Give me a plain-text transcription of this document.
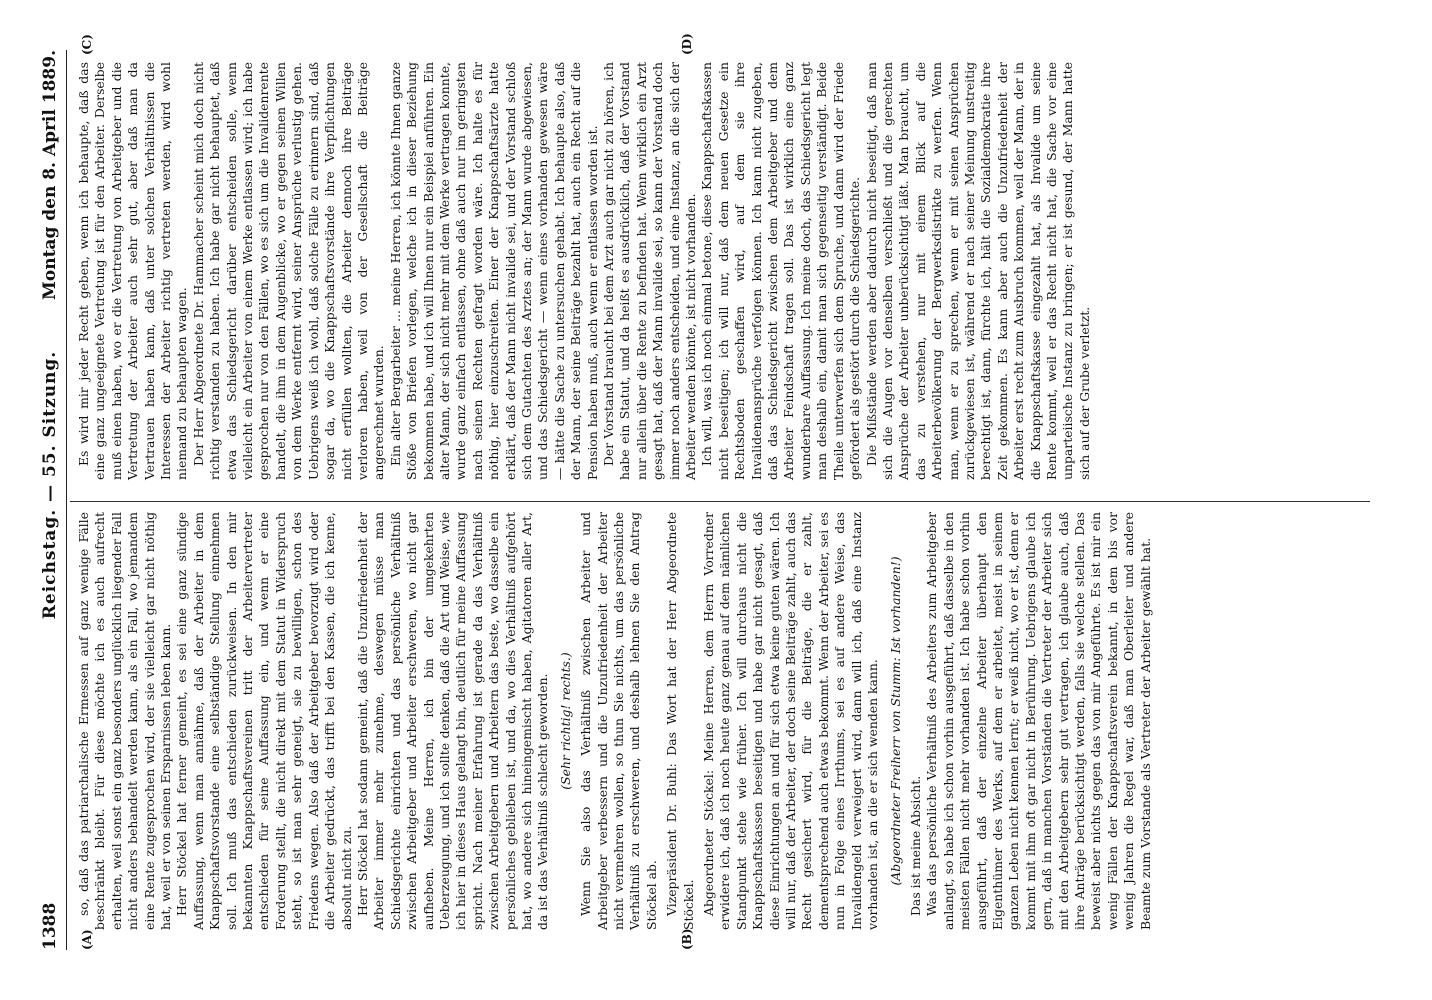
1388
Reichstag. — 55. Sitzung.
Montag den 8. April 1889.
(A)	(B)
(C)	(D)

so, daß das patriarchalische Ermessen auf ganz wenige Fälle beschränkt bleibt. Für diese möchte ich es auch aufrecht erhalten, weil sonst ein ganz besonders unglücklich liegender Fall nicht anders behandelt werden kann, als ein Fall, wo jemandem eine Rente zugesprochen wird, der sie vielleicht gar nicht nöthig hat, weil er von seinen Ersparnissen leben kann. Herr Stöckel hat ferner gemeint, es sei eine ganz sündige Auffassung, wenn man annähme, daß der Arbeiter in dem Knappschaftsvorstande eine selbständige Stellung einnehmen soll. Ich muß das entschieden zurückweisen. In den mir bekannten Knappschaftsvereinen tritt der Arbeitervertreter entschieden für seine Auffassung ein, und wenn er eine Forderung stellt, die nicht direkt mit dem Statut in Widerspruch steht, so ist man sehr geneigt, sie zu bewilligen, schon des Friedens wegen. Also daß der Arbeitgeber bevorzugt wird oder die Arbeiter gedrückt, das trifft bei den Kassen, die ich kenne, absolut nicht zu. Herr Stöckel hat sodann gemeint, daß die Unzufriedenheit der Arbeiter immer mehr zunehme, deswegen müsse man Schiedsgerichte einrichten und das persönliche Verhältniß zwischen Arbeitgeber und Arbeiter erschweren, wo nicht gar aufheben. Meine Herren, ich bin der umgekehrten Ueberzeugung, und ich sollte denken, daß die Art und Weise, wie ich hier in dieses Haus gelangt bin, deutlich für meine Auffassung spricht. Nach meiner Erfahrung ist gerade da das Verhältniß zwischen Arbeitgebern und Arbeitern das beste, wo dasselbe ein persönliches geblieben ist, und da, wo dies Verhältniß aufgehört hat, wo andere sich hineingemischt haben, Agitatoren aller Art, da ist das Verhältniß schlecht geworden. (Sehr richtig! rechts.) Wenn Sie also das Verhältniß zwischen Arbeiter und Arbeitgeber verbessern und die Unzufriedenheit der Arbeiter nicht vermehren wollen, so thun Sie nichts, um das persönliche Verhältniß zu erschweren, und deshalb lehnen Sie den Antrag Stöckel ab. Vizepräsident Dr. Buhl: Das Wort hat der Herr Abgeordnete Stöckel. Abgeordneter Stöckel: Meine Herren, dem Herrn Vorredner erwidere ich, daß ich noch heute ganz genau auf dem nämlichen Standpunkt stehe wie früher. Ich will durchaus nicht die Knappschaftskassen beseitigen und habe gar nicht gesagt, daß diese Einrichtungen an und für sich etwa keine guten wären. Ich will nur, daß der Arbeiter, der doch seine Beiträge zahlt, auch das Recht gesichert wird, für die Beiträge, die er zahlt, dementsprechend auch etwas bekommt. Wenn der Arbeiter, sei es nun in Folge eines Irrthums, sei es auf andere Weise, das Invalidengeld verweigert wird, dann will ich, daß eine Instanz vorhanden ist, an die er sich wenden kann. (Abgeordneter Freiherr von Stumm: Ist vorhanden!) Das ist meine Absicht. Was das persönliche Verhältniß des Arbeiters zum Arbeitgeber anlangt, so habe ich schon vorhin ausgeführt, daß dasselbe in den meisten Fällen nicht mehr vorhanden ist. Ich habe schon vorhin ausgeführt, daß der einzelne Arbeiter überhaupt den Eigenthümer des Werks, auf dem er arbeitet, meist in seinem ganzen Leben nicht kennen lernt; er weiß nicht, wo er ist, denn er kommt mit ihm oft gar nicht in Berührung. Uebrigens glaube ich gern, daß in manchen Vorständen die Vertreter der Arbeiter sich mit den Arbeitgebern sehr gut vertragen, ich glaube auch, daß ihre Anträge berücksichtigt werden, falls sie welche stellen. Das beweist aber nichts gegen das von mir Angeführte. Es ist mir ein wenig Fällen der Knappschaftsverein bekannt, in dem bis vor wenig Jahren die Regel war, daß man Oberleiter und andere Beamte zum Vorstande als Vertreter der Arbeiter gewählt hat.

Es wird mir jeder Recht geben, wenn ich behaupte, daß das eine ganz ungeeignete Vertretung ist für den Arbeiter. Derselbe muß einen haben, wo er die Vertretung von Arbeitgeber und die Vertretung der Arbeiter auch sehr gut, aber daß man da Vertrauen haben kann, daß unter solchen Verhältnissen die Interessen der Arbeiter richtig vertreten werden, wird wohl niemand zu behaupten wagen. Der Herr Abgeordnete Dr. Hammacher scheint mich doch nicht richtig verstanden zu haben. Ich habe gar nicht behauptet, daß etwa das Schiedsgericht darüber entscheiden solle, wenn vielleicht ein Arbeiter von einem Werke entlassen wird; ich habe gesprochen nur von den Fällen, wo es sich um die Invalidenrente handelt, die ihm in dem Augenblicke, wo er gegen seinen Willen von dem Werke entfernt wird, seiner Ansprüche verlustig gehen. Uebrigens weiß ich wohl, daß solche Fälle zu erinnern sind, daß sogar da, wo die Knappschaftsvorstände ihre Verpflichtungen nicht erfüllen wollten, die Arbeiter dennoch ihre Beiträge verloren haben, weil von der Gesellschaft die Beiträge angerechnet wurden. Ein alter Bergarbeiter ... meine Herren, ich könnte Ihnen ganze Stöße von Briefen vorlegen, welche ich in dieser Beziehung bekommen habe, und ich will Ihnen nur ein Beispiel anführen. Ein alter Mann, der sich nicht mehr mit dem Werke vertragen konnte, wurde ganz einfach entlassen, ohne daß auch nur im geringsten nach seinen Rechten gefragt worden wäre. Ich halte es für nöthig, hier einzuschreiten. Einer der Knappschaftsärzte hatte erklärt, daß der Mann nicht invalide sei, und der Vorstand schloß sich dem Gutachten des Arztes an; der Mann wurde abgewiesen, und das Schiedsgericht — wenn eines vorhanden gewesen wäre — hätte die Sache zu untersuchen gehabt. Ich behaupte also, daß der Mann, der seine Beiträge bezahlt hat, auch ein Recht auf die Pension haben muß, auch wenn er entlassen worden ist. Der Vorstand braucht bei dem Arzt auch gar nicht zu hören, ich habe ein Statut, und da heißt es ausdrücklich, daß der Vorstand nur allein über die Rente zu befinden hat. Wenn wirklich ein Arzt gesagt hat, daß der Mann invalide sei, so kann der Vorstand doch immer noch anders entscheiden, und eine Instanz, an die sich der Arbeiter wenden könnte, ist nicht vorhanden. Ich will, was ich noch einmal betone, diese Knappschaftskassen nicht beseitigen; ich will nur, daß dem neuen Gesetze ein Rechtsboden geschaffen wird, auf dem sie ihre Invalidenansprüche verfolgen können. Ich kann nicht zugeben, daß das Schiedsgericht zwischen dem Arbeitgeber und dem Arbeiter Feindschaft tragen soll. Das ist wirklich eine ganz wunderbare Auffassung. Ich meine doch, das Schiedsgericht legt man deshalb ein, damit man sich gegenseitig verständigt. Beide Theile unterwerfen sich dem Spruche, und dann wird der Friede gefördert als gestört durch die Schiedsgerichte. Die Mißstände werden aber dadurch nicht beseitigt, daß man sich die Augen vor denselben verschließt und die gerechten Ansprüche der Arbeiter unberücksichtigt läßt. Man braucht, um das zu verstehen, nur mit einem Blick auf die Arbeiterbevölkerung der Bergwerksdistrikte zu werfen. Wenn man, wenn er zu sprechen, wenn er mit seinen Ansprüchen zurückgewiesen ist, während er nach seiner Meinung unstreitig berechtigt ist, dann, fürchte ich, hält die Sozialdemokratie ihre Zeit gekommen. Es kann aber auch die Unzufriedenheit der Arbeiter erst recht zum Ausbruch kommen, weil der Mann, der in die Knappschaftskasse eingezahlt hat, als Invalide um seine Rente kommt, weil er das Recht nicht hat, die Sache vor eine unparteiische Instanz zu bringen; er ist gesund, der Mann hatte sich auf der Grube verletzt.
